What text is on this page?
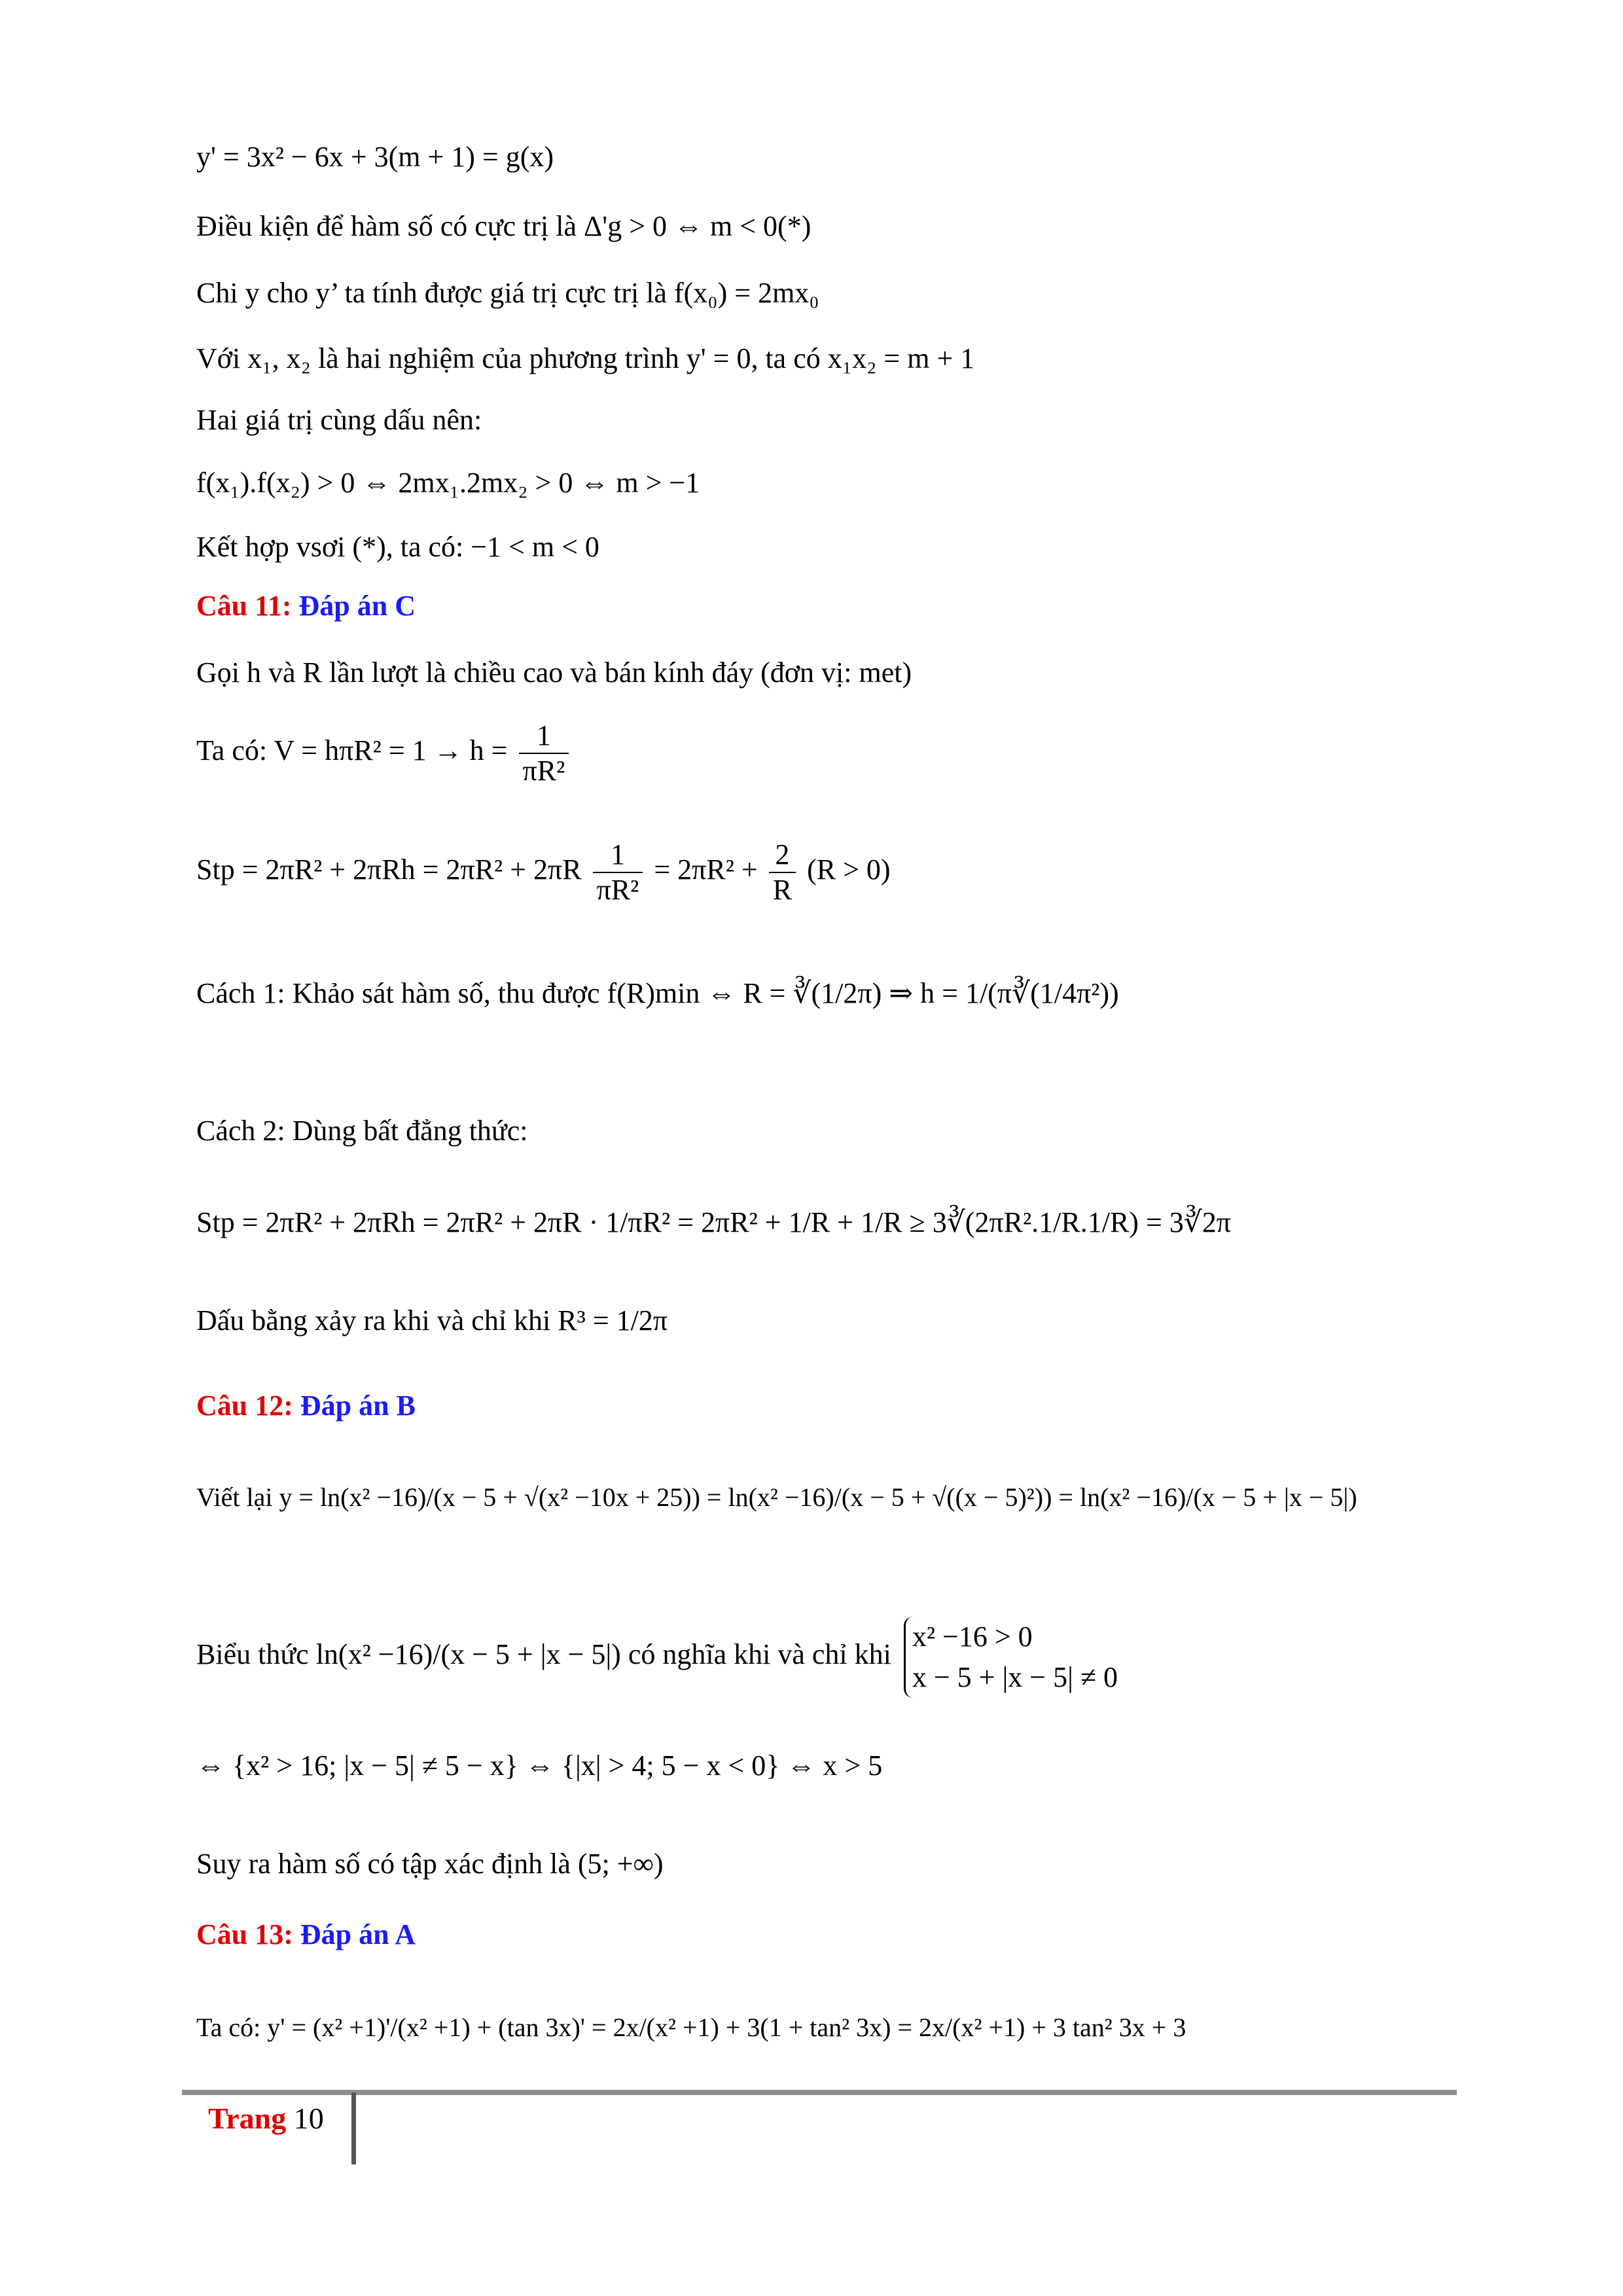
y' = 3x² − 6x + 3(m + 1) = g(x)
Điều kiện để hàm số có cực trị là Δ'g > 0 ⇔ m < 0(*)
Chi y cho y’ ta tính được giá trị cực trị là f(x₀) = 2mx₀
Với x₁, x₂ là hai nghiệm của phương trình y' = 0, ta có x₁x₂ = m + 1
Hai giá trị cùng dấu nên:
f(x₁).f(x₂) > 0 ⇔ 2mx₁.2mx₂ > 0 ⇔ m > −1
Kết hợp vsơi (*), ta có: −1 < m < 0
Câu 11: Đáp án C
Gọi h và R lần lượt là chiều cao và bán kính đáy (đơn vị: met)
Ta có: $V = h\pi R^2 = 1 \to h = \frac{1}{\text{πR²}}$
Stp = $2\pi R^2 + 2\pi Rh = 2\pi R^2 + 2\pi R \frac{1}{\text{πR²}} = 2\pi R^2 + \frac{2}{R} (R > 0)$
Cách 1: Khảo sát hàm số, thu được f(R)min ⇔ R = ∛(1/2π) ⇒ h = 1/(π∛(1/4π²))
Cách 2: Dùng bất đẳng thức:
Stp = 2πR² + 2πRh = 2πR² + 2πR · 1/πR² = 2πR² + 1/R + 1/R ≥ 3∛(2πR².1/R.1/R) = 3∛2π
Dấu bằng xảy ra khi và chỉ khi R³ = 1/2π
Câu 12: Đáp án B
Viết lại y = ln(x² −16)/(x − 5 + √(x² −10x + 25)) = ln(x² −16)/(x − 5 + √((x − 5)²)) = ln(x² −16)/(x − 5 + |x − 5|)
Biểu thức ln(x² −16)/(x − 5 + |x − 5|) có nghĩa khi và chỉ khi
x² −16 > 0
x − 5 + |x − 5| ≠ 0
⇔ {x² > 16; |x − 5| ≠ 5 − x} ⇔ {|x| > 4; 5 − x < 0} ⇔ x > 5
Suy ra hàm số có tập xác định là (5; +∞)
Câu 13: Đáp án A
Ta có: y' = (x² +1)'/(x² +1) + (tan 3x)' = 2x/(x² +1) + 3(1 + tan² 3x) = 2x/(x² +1) + 3 tan² 3x + 3
Trang 10
